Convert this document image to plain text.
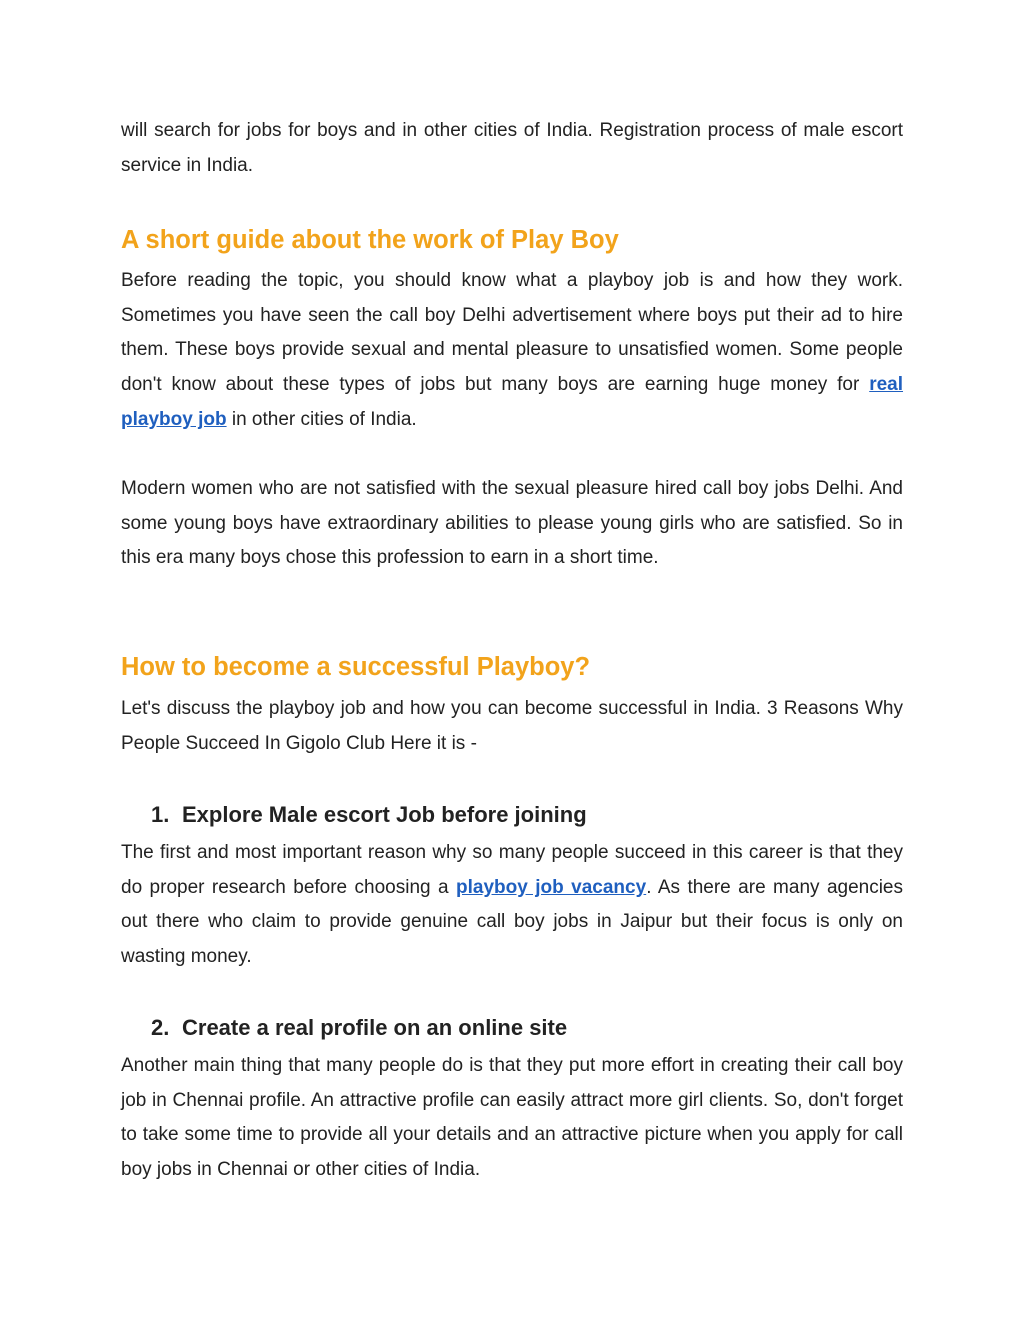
will search for jobs for boys and in other cities of India. Registration process of male escort service in India.

A short guide about the work of Play Boy

Before reading the topic, you should know what a playboy job is and how they work. Sometimes you have seen the call boy Delhi advertisement where boys put their ad to hire them. These boys provide sexual and mental pleasure to unsatisfied women. Some people don't know about these types of jobs but many boys are earning huge money for real playboy job in other cities of India.

Modern women who are not satisfied with the sexual pleasure hired call boy jobs Delhi. And some young boys have extraordinary abilities to please young girls who are satisfied. So in this era many boys chose this profession to earn in a short time.

How to become a successful Playboy?

Let's discuss the playboy job and how you can become successful in India. 3 Reasons Why People Succeed In Gigolo Club Here it is -

1. Explore Male escort Job before joining

The first and most important reason why so many people succeed in this career is that they do proper research before choosing a playboy job vacancy. As there are many agencies out there who claim to provide genuine call boy jobs in Jaipur but their focus is only on wasting money.

2. Create a real profile on an online site

Another main thing that many people do is that they put more effort in creating their call boy job in Chennai profile. An attractive profile can easily attract more girl clients. So, don't forget to take some time to provide all your details and an attractive picture when you apply for call boy jobs in Chennai or other cities of India.
